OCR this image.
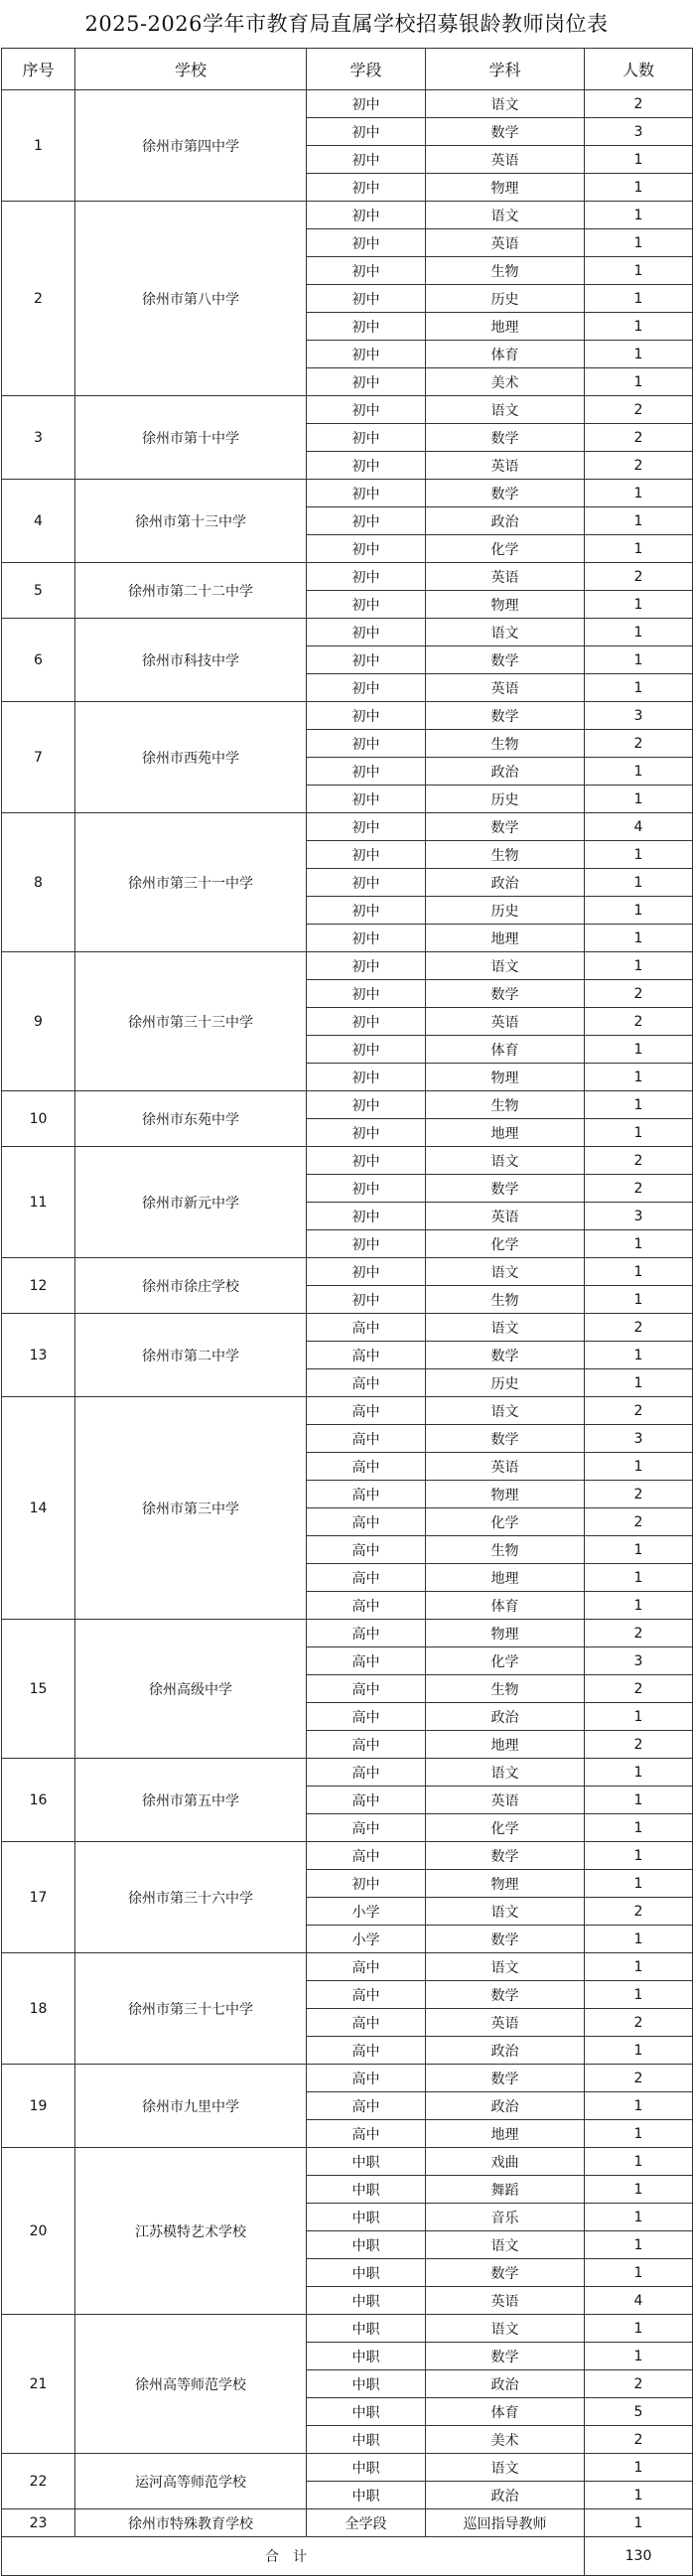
2025-2026学年市教育局直属学校招募银龄教师岗位表
序号	学校	学段	学科	人数
1	徐州市第四中学	初中	语文	2
		初中	数学	3
		初中	英语	1
		初中	物理	1
2	徐州市第八中学	初中	语文	1
		初中	英语	1
		初中	生物	1
		初中	历史	1
		初中	地理	1
		初中	体育	1
		初中	美术	1
3	徐州市第十中学	初中	语文	2
		初中	数学	2
		初中	英语	2
4	徐州市第十三中学	初中	数学	1
		初中	政治	1
		初中	化学	1
5	徐州市第二十二中学	初中	英语	2
		初中	物理	1
6	徐州市科技中学	初中	语文	1
		初中	数学	1
		初中	英语	1
7	徐州市西苑中学	初中	数学	3
		初中	生物	2
		初中	政治	1
		初中	历史	1
8	徐州市第三十一中学	初中	数学	4
		初中	生物	1
		初中	政治	1
		初中	历史	1
		初中	地理	1
9	徐州市第三十三中学	初中	语文	1
		初中	数学	2
		初中	英语	2
		初中	体育	1
		初中	物理	1
10	徐州市东苑中学	初中	生物	1
		初中	地理	1
11	徐州市新元中学	初中	语文	2
		初中	数学	2
		初中	英语	3
		初中	化学	1
12	徐州市徐庄学校	初中	语文	1
		初中	生物	1
13	徐州市第二中学	高中	语文	2
		高中	数学	1
		高中	历史	1
14	徐州市第三中学	高中	语文	2
		高中	数学	3
		高中	英语	1
		高中	物理	2
		高中	化学	2
		高中	生物	1
		高中	地理	1
		高中	体育	1
15	徐州高级中学	高中	物理	2
		高中	化学	3
		高中	生物	2
		高中	政治	1
		高中	地理	2
16	徐州市第五中学	高中	语文	1
		高中	英语	1
		高中	化学	1
17	徐州市第三十六中学	高中	数学	1
		初中	物理	1
		小学	语文	2
		小学	数学	1
18	徐州市第三十七中学	高中	语文	1
		高中	数学	1
		高中	英语	2
		高中	政治	1
19	徐州市九里中学	高中	数学	2
		高中	政治	1
		高中	地理	1
20	江苏模特艺术学校	中职	戏曲	1
		中职	舞蹈	1
		中职	音乐	1
		中职	语文	1
		中职	数学	1
		中职	英语	4
21	徐州高等师范学校	中职	语文	1
		中职	数学	1
		中职	政治	2
		中职	体育	5
		中职	美术	2
22	运河高等师范学校	中职	语文	1
		中职	政治	1
23	徐州市特殊教育学校	全学段	巡回指导教师	1
合计				130
